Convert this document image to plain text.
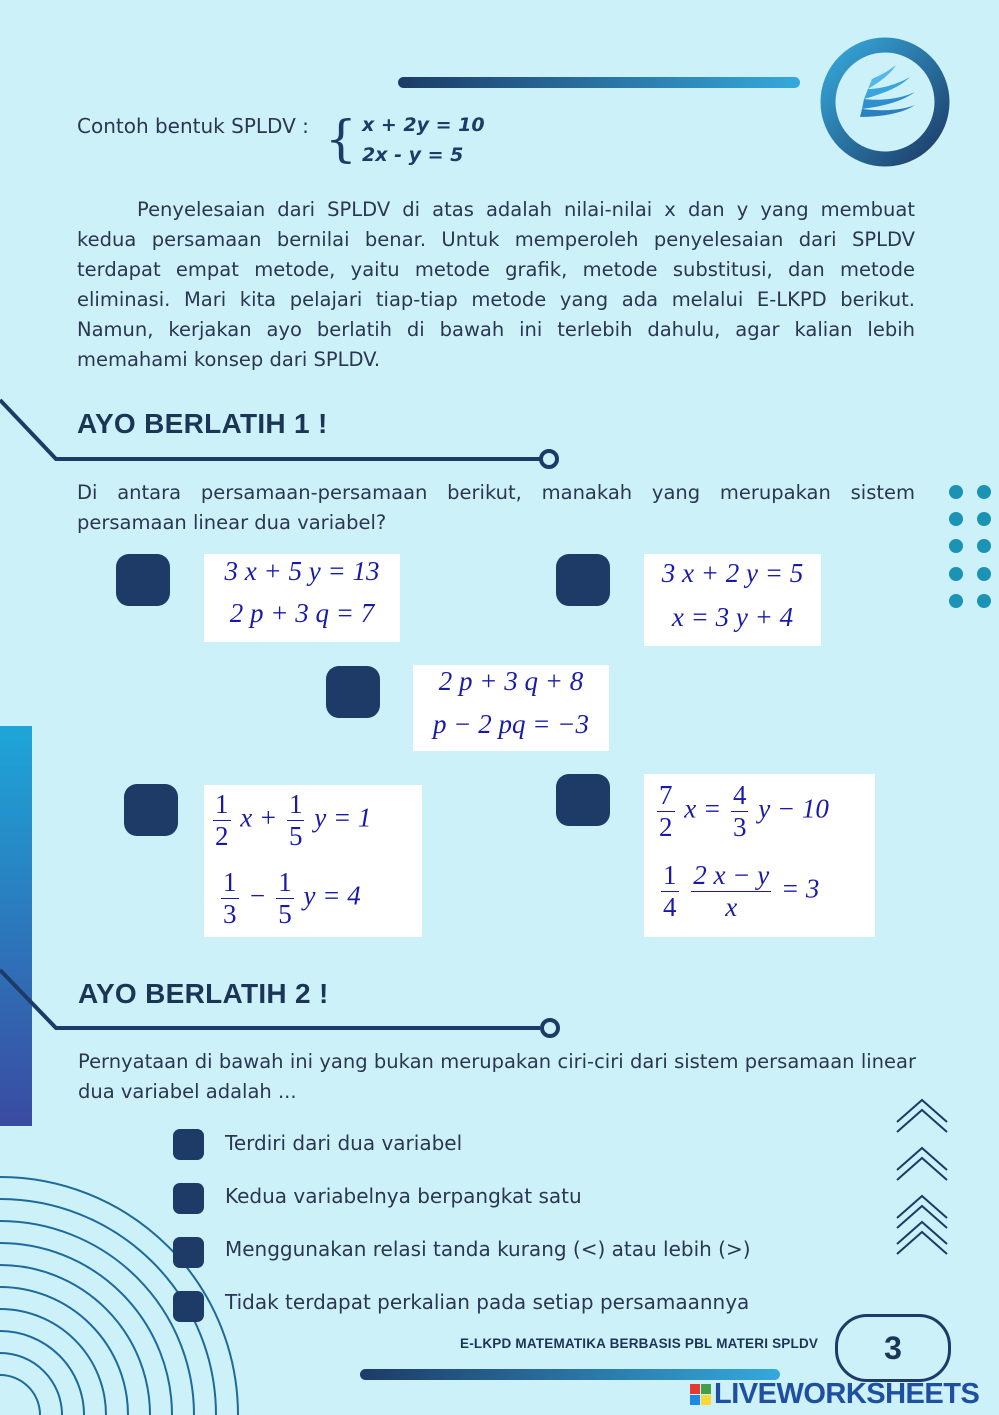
Contoh bentuk SPLDV : { x + 2y = 10
2x - y = 5
Penyelesaian dari SPLDV di atas adalah nilai-nilai x dan y yang membuat kedua persamaan bernilai benar. Untuk memperoleh penyelesaian dari SPLDV terdapat empat metode, yaitu metode grafik, metode substitusi, dan metode eliminasi. Mari kita pelajari tiap-tiap metode yang ada melalui E-LKPD berikut. Namun, kerjakan ayo berlatih di bawah ini terlebih dahulu, agar kalian lebih memahami konsep dari SPLDV.
AYO BERLATIH 1 !
Di antara persamaan-persamaan berikut, manakah yang merupakan sistem persamaan linear dua variabel?
3 x + 5 y = 13
2 p + 3 q = 7
3 x + 2 y = 5
x = 3 y + 4
2 p + 3 q + 8
p − 2 pq = −3
$\frac{1}{2}$ $x + \frac{1}{5}$ y = 1
$\frac{1}{3} - \frac{1}{5}$ y = 4
$\frac{7}{2}$ $x = \frac{4}{3}$ y − 10
$\frac{1}{4}$
$\frac{2 x - y}{x} = 3$
AYO BERLATIH 2 !
Pernyataan di bawah ini yang bukan merupakan ciri-ciri dari sistem persamaan linear dua variabel adalah ...
Terdiri dari dua variabel
Kedua variabelnya berpangkat satu
Menggunakan relasi tanda kurang (<) atau lebih (>)
Tidak terdapat perkalian pada setiap persamaannya
E-LKPD MATEMATIKA BERBASIS PBL MATERI SPLDV 3
LIVEWORKSHEETS
